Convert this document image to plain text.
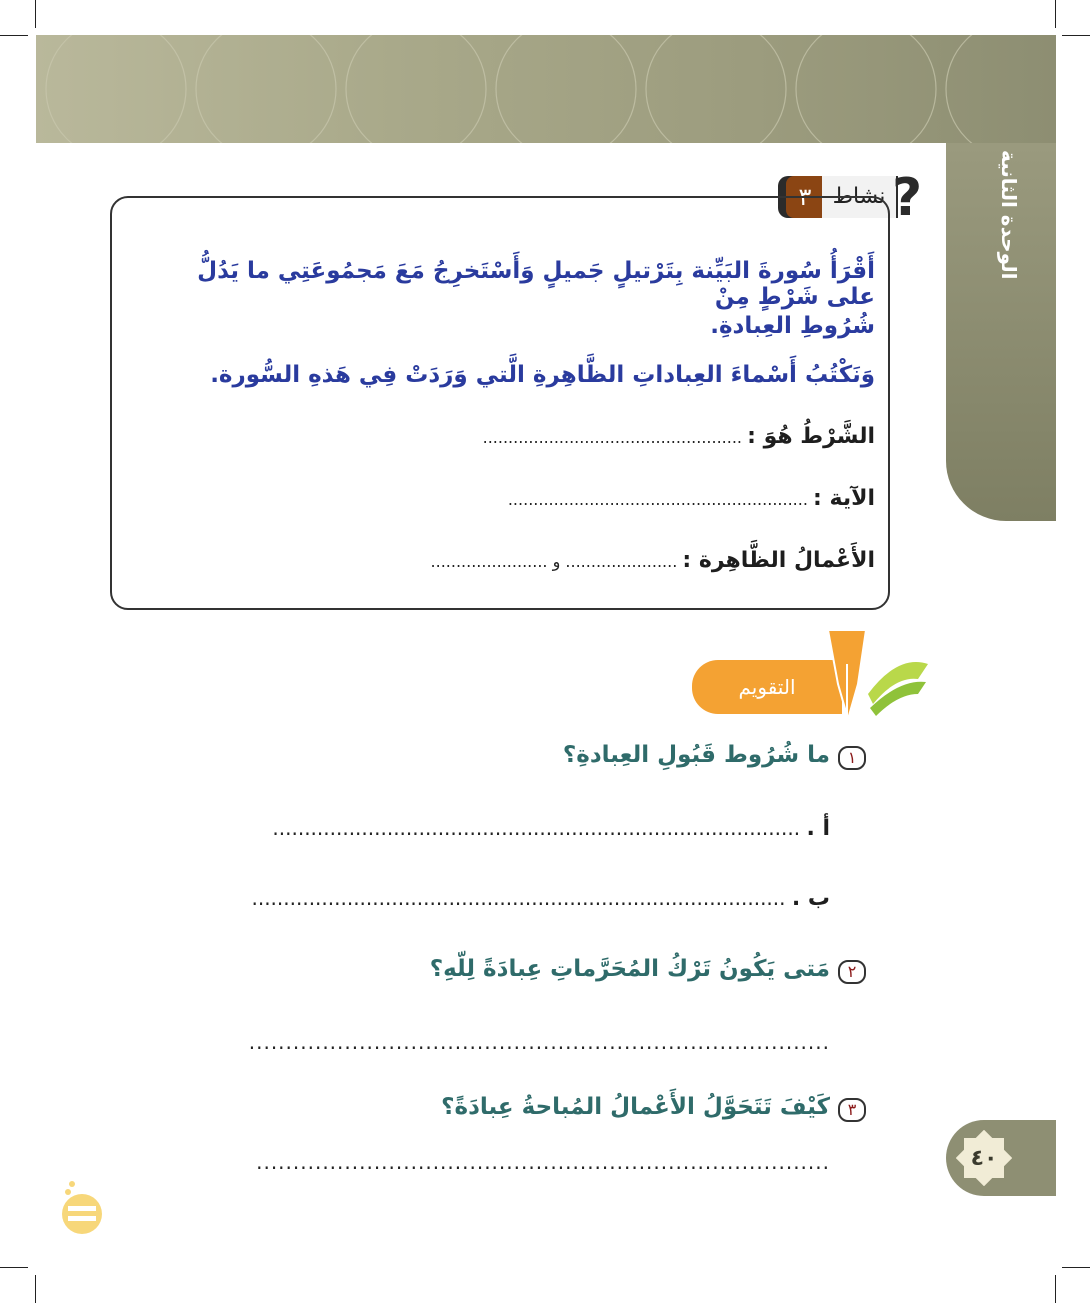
الوحدة الثانية
٣ نشاط ?
أَقْرَأُ سُورةَ البَيِّنة بِتَرْتيلٍ جَميلٍ وَأَسْتَخرِجُ مَعَ مَجمُوعَتِي ما يَدُلُّ على شَرْطٍ مِنْ
شُرُوطِ العِبادةِ.
وَنَكْتُبُ أَسْماءَ العِباداتِ الظَّاهِرةِ الَّتي وَرَدَتْ فِي هَذهِ السُّورة.
الشَّرْطُ هُوَ : ...................................................
الآية : ...........................................................
الأَعْمالُ الظَّاهِرة : ...................... و .......................
التقويم
١ما شُرُوط قَبُولِ العِبادةِ؟
أ . ...................................................................................
ب . ....................................................................................
٢مَتى يَكُونُ تَرْكُ المُحَرَّماتِ عِبادَةً لِلّهِ؟
...............................................................................
٣كَيْفَ تَتَحَوَّلُ الأَعْمالُ المُباحةُ عِبادَةً؟
..............................................................................	٤٠
